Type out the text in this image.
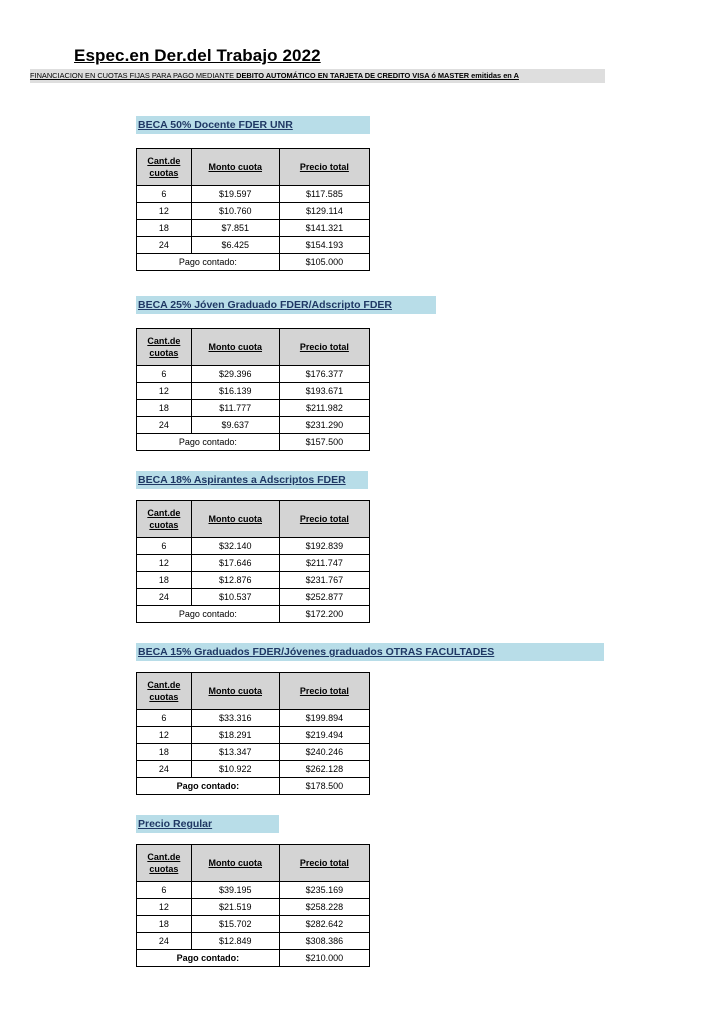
Espec.en Der.del Trabajo 2022
FINANCIACION EN CUOTAS FIJAS PARA PAGO MEDIANTE DEBITO AUTOMÁTICO EN TARJETA DE CREDITO VISA ó MASTER emitidas en A
BECA 50% Docente FDER UNR
Cant.de cuotas	Monto cuota	Precio total
6	$19.597	$117.585
12	$10.760	$129.114
18	$7.851	$141.321
24	$6.425	$154.193
Pago contado:		$105.000
BECA 25% Jóven Graduado FDER/Adscripto FDER
Cant.de cuotas	Monto cuota	Precio total
6	$29.396	$176.377
12	$16.139	$193.671
18	$11.777	$211.982
24	$9.637	$231.290
Pago contado:		$157.500
BECA 18% Aspirantes a Adscriptos FDER
Cant.de cuotas	Monto cuota	Precio total
6	$32.140	$192.839
12	$17.646	$211.747
18	$12.876	$231.767
24	$10.537	$252.877
Pago contado:		$172.200
BECA 15% Graduados FDER/Jóvenes graduados OTRAS FACULTADES
Cant.de cuotas	Monto cuota	Precio total
6	$33.316	$199.894
12	$18.291	$219.494
18	$13.347	$240.246
24	$10.922	$262.128
Pago contado:		$178.500
Precio Regular
Cant.de cuotas	Monto cuota	Precio total
6	$39.195	$235.169
12	$21.519	$258.228
18	$15.702	$282.642
24	$12.849	$308.386
Pago contado:		$210.000
